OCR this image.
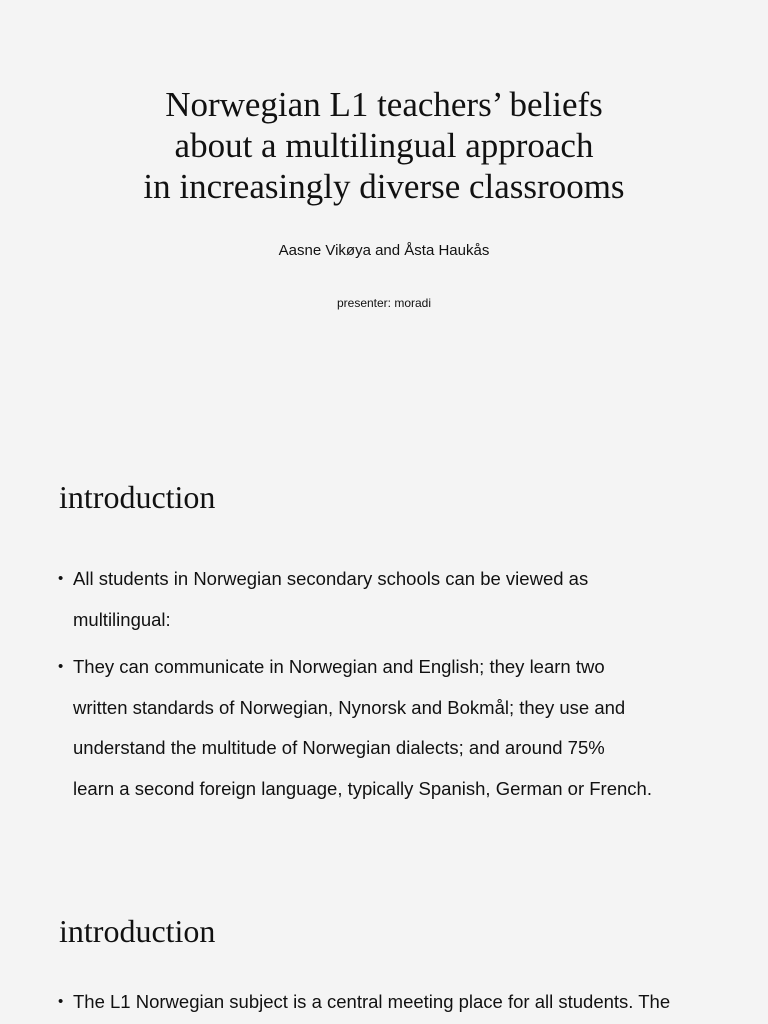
Norwegian L1 teachers’ beliefs
about a multilingual approach
in increasingly diverse classrooms
Aasne Vikøya and Åsta Haukås
presenter: moradi
introduction
• All students in Norwegian secondary schools can be viewed as
multilingual:
• They can communicate in Norwegian and English; they learn two
written standards of Norwegian, Nynorsk and Bokmål; they use and
understand the multitude of Norwegian dialects; and around 75%
learn a second foreign language, typically Spanish, German or French.
introduction
• The L1 Norwegian subject is a central meeting place for all students. The
